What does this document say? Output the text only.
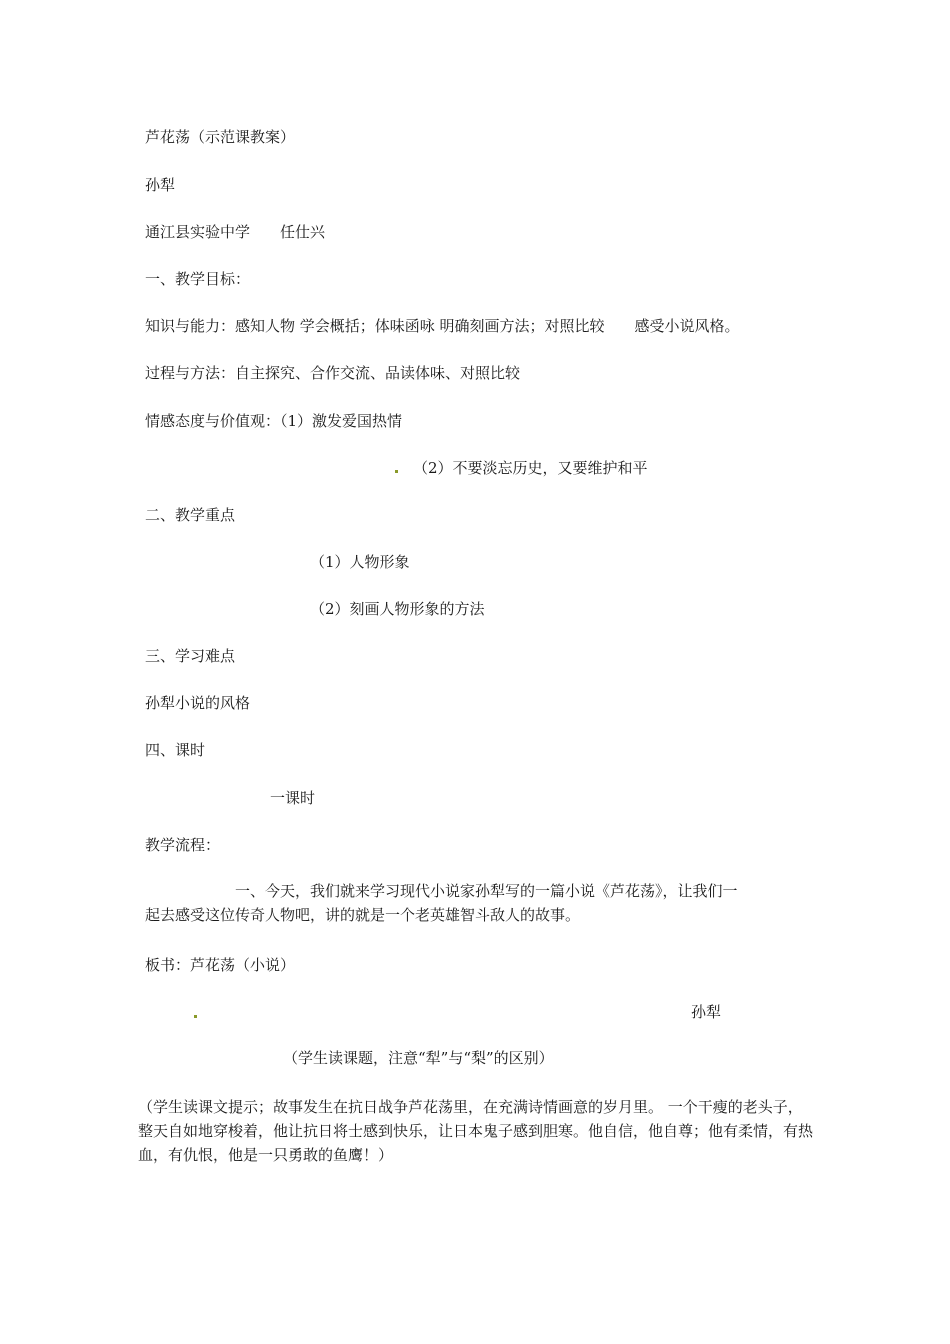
芦花荡（示范课教案）
孙犁
通江县实验中学　　任仕兴
一、教学目标：
知识与能力：感知人物 学会概括；体味函咏 明确刻画方法；对照比较　　感受小说风格。
过程与方法：自主探究、合作交流、品读体味、对照比较
情感态度与价值观：（1）激发爱国热情
（2）不要淡忘历史，又要维护和平
二、教学重点
（1）人物形象
（2）刻画人物形象的方法
三、学习难点
孙犁小说的风格
四、课时
一课时
教学流程：
一、今天，我们就来学习现代小说家孙犁写的一篇小说《芦花荡》，让我们一
起去感受这位传奇人物吧，讲的就是一个老英雄智斗敌人的故事。
板书：芦花荡（小说）
孙犁
（学生读课题，注意“犁”与“梨”的区别）
（学生读课文提示；故事发生在抗日战争芦花荡里，在充满诗情画意的岁月里。 一个干瘦的老头子，整天自如地穿梭着，他让抗日将士感到快乐，让日本鬼子感到胆寒。他自信，他自尊；他有柔情，有热血，有仇恨，他是一只勇敢的鱼鹰！）
